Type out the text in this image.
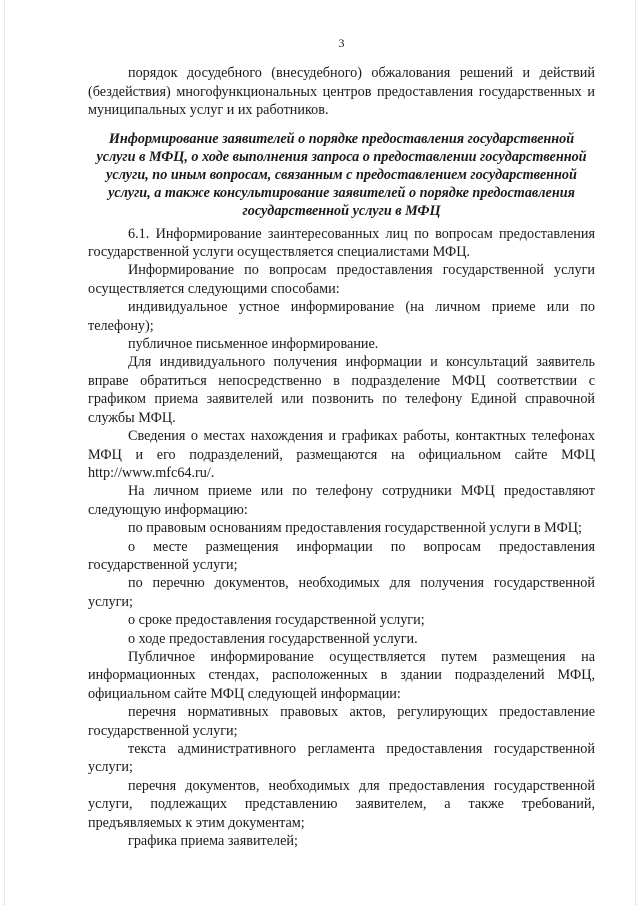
3

порядок досудебного (внесудебного) обжалования решений и действий (бездействия) многофункциональных центров предоставления государственных и муниципальных услуг и их работников.

Информирование заявителей о порядке предоставления государственной услуги в МФЦ, о ходе выполнения запроса о предоставлении государственной услуги, по иным вопросам, связанным с предоставлением государственной услуги, а также консультирование заявителей о порядке предоставления государственной услуги в МФЦ

6.1. Информирование заинтересованных лиц по вопросам предоставления государственной услуги осуществляется специалистами МФЦ.

Информирование по вопросам предоставления государственной услуги осуществляется следующими способами:

индивидуальное устное информирование (на личном приеме или по телефону);

публичное письменное информирование.

Для индивидуального получения информации и консультаций заявитель вправе обратиться непосредственно в подразделение МФЦ соответствии с графиком приема заявителей или позвонить по телефону Единой справочной службы МФЦ.

Сведения о местах нахождения и графиках работы, контактных телефонах МФЦ и его подразделений, размещаются на официальном сайте МФЦ http://www.mfc64.ru/.

На личном приеме или по телефону сотрудники МФЦ предоставляют следующую информацию:

по правовым основаниям предоставления государственной услуги в МФЦ;

о месте размещения информации по вопросам предоставления государственной услуги;

по перечню документов, необходимых для получения государственной услуги;

о сроке предоставления государственной услуги;

о ходе предоставления государственной услуги.

Публичное информирование осуществляется путем размещения на информационных стендах, расположенных в здании подразделений МФЦ, официальном сайте МФЦ следующей информации:

перечня нормативных правовых актов, регулирующих предоставление государственной услуги;

текста административного регламента предоставления государственной услуги;

перечня документов, необходимых для предоставления государственной услуги, подлежащих представлению заявителем, а также требований, предъявляемых к этим документам;

графика приема заявителей;
